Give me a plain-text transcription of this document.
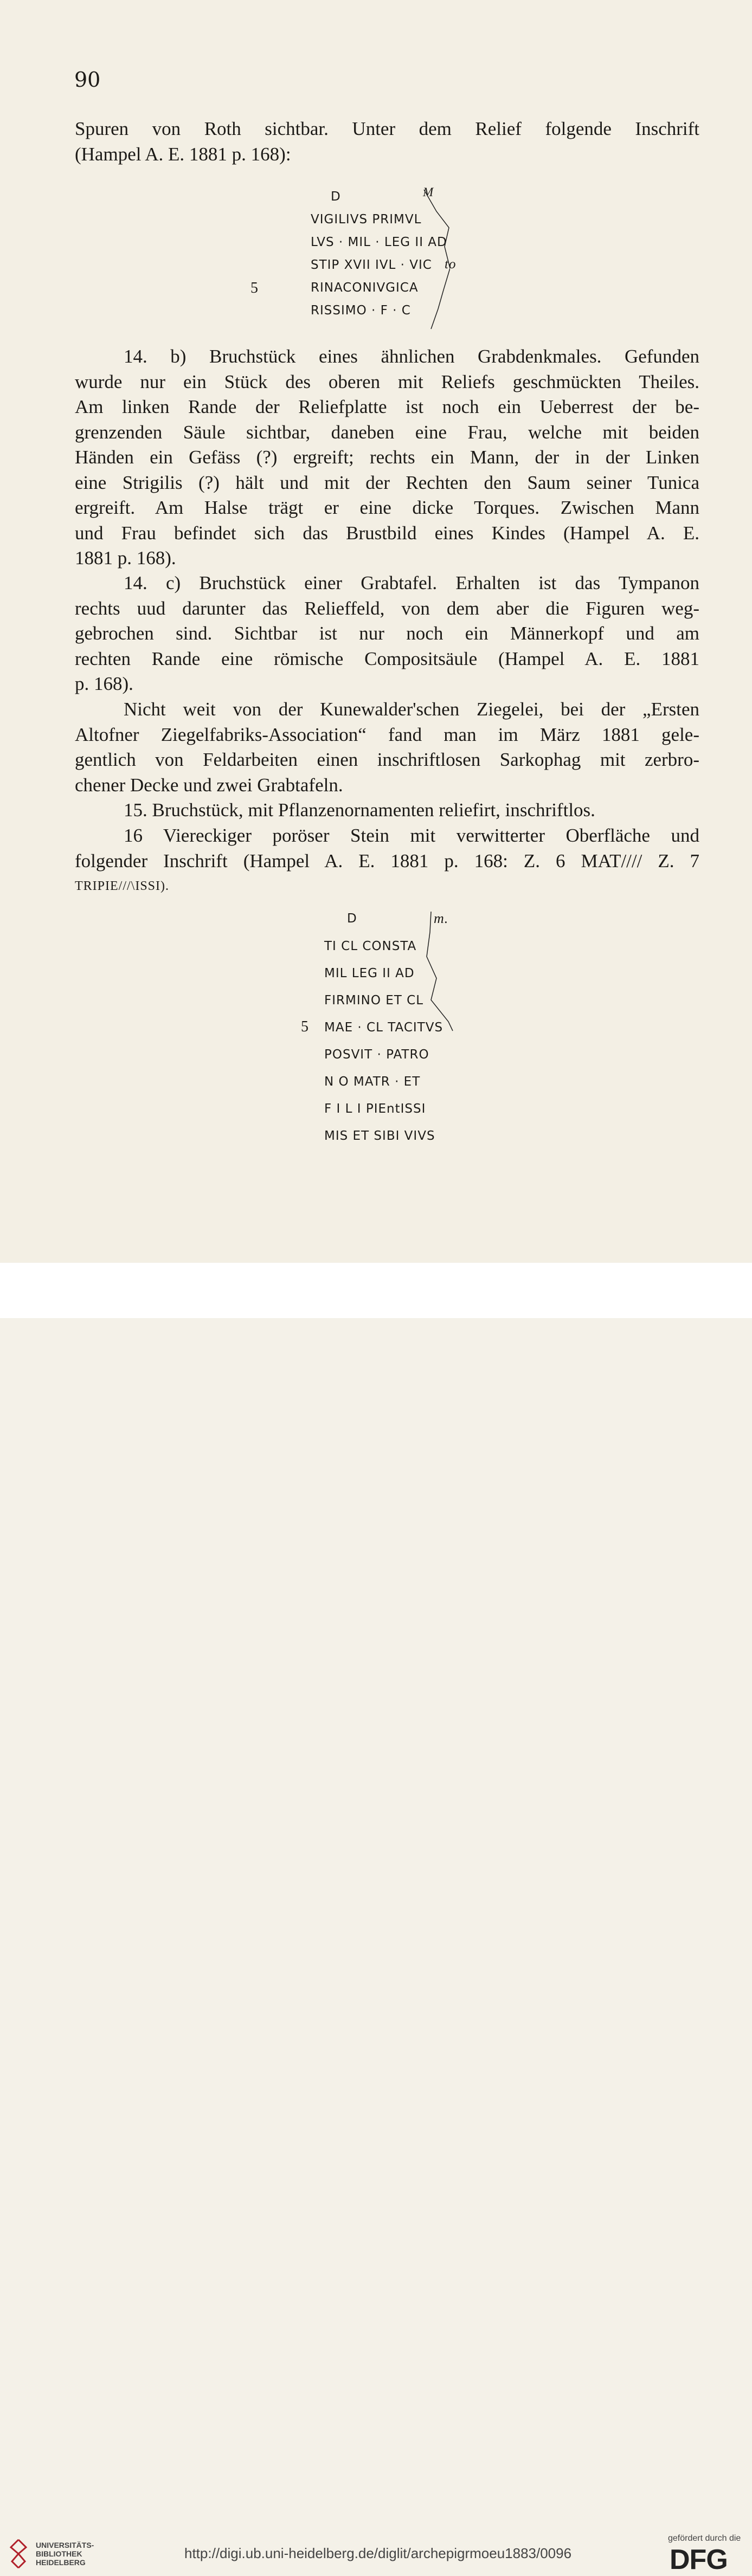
90
Spuren von Roth sichtbar. Unter dem Relief folgende Inschrift
(Hampel A. E. 1881 p. 168):
D	M
VIGILIVS PRIMVL
LVS · MIL · LEG II AD
STIP XVII IVL · VIC to
5	RINACONIVGICA
RISSIMO · F · C
14. b) Bruchstück eines ähnlichen Grabdenkmales. Gefunden
wurde nur ein Stück des oberen mit Reliefs geschmückten Theiles.
Am linken Rande der Reliefplatte ist noch ein Ueberrest der be-
grenzenden Säule sichtbar, daneben eine Frau, welche mit beiden
Händen ein Gefäss (?) ergreift; rechts ein Mann, der in der Linken
eine Strigilis (?) hält und mit der Rechten den Saum seiner Tunica
ergreift. Am Halse trägt er eine dicke Torques. Zwischen Mann
und Frau befindet sich das Brustbild eines Kindes (Hampel A. E.
1881 p. 168).
14. c) Bruchstück einer Grabtafel. Erhalten ist das Tympanon
rechts uud darunter das Relieffeld, von dem aber die Figuren weg-
gebrochen sind. Sichtbar ist nur noch ein Männerkopf und am
rechten Rande eine römische Compositsäule (Hampel A. E. 1881
p. 168).
Nicht weit von der Kunewalder'schen Ziegelei, bei der „Ersten
Altofner Ziegelfabriks-Association“ fand man im März 1881 gele-
gentlich von Feldarbeiten einen inschriftlosen Sarkophag mit zerbro-
chener Decke und zwei Grabtafeln.
15. Bruchstück, mit Pflanzenornamenten reliefirt, inschriftlos.
16 Viereckiger poröser Stein mit verwitterter Oberfläche und
folgender Inschrift (Hampel A. E. 1881 p. 168: Z. 6 MAT//// Z. 7
TRIPIE///\ISSI).
D	m.
TI CL CONSTA
MIL LEG II AD
FIRMINO ET CL
5 MAE · CL TACITVS
POSVIT · PATRO
N O MATR · ET
F I L I PIEntISSI
MIS ET SIBI VIVS
UNIVERSITÄTS-
BIBLIOTHEK
HEIDELBERG
http://digi.ub.uni-heidelberg.de/diglit/archepigrmoeu1883/0096
gefördert durch die
DFG
